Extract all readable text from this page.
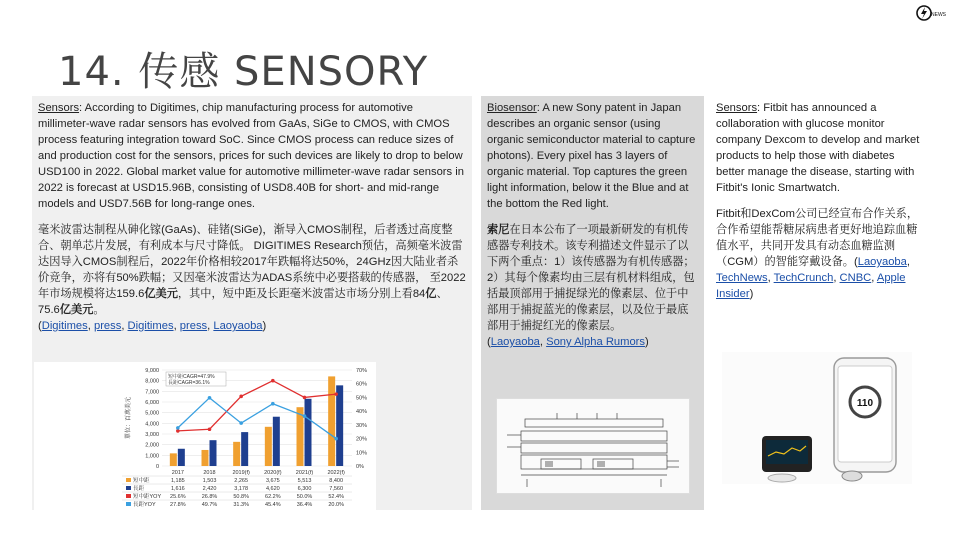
14. 传感 SENSORY
NEWS

Sensors: According to Digitimes, chip manufacturing process for automotive millimeter-wave radar sensors has evolved from GaAs, SiGe to CMOS, with CMOS process featuring integration toward SoC. Since CMOS process can reduce sizes of and production cost for the sensors, prices for such devices are likely to drop to below USD100 in 2022. Global market value for automotive millimeter-wave radar sensors in 2022 is forecast at USD15.96B, consisting of USD8.40B for short- and mid-range models and USD7.56B for long-range ones.

毫米波雷达制程从砷化镓(GaAs)、硅锗(SiGe)，渐导入CMOS制程，后者透过高度整合、朝单芯片发展，有利成本与尺寸降低。 DIGITIMES Research预估，高频毫米波雷达因导入CMOS制程后，2022年价格相较2017年跌幅将达50%，24GHz因大陆业者杀价竞争，亦将有50%跌幅；又因毫米波雷达为ADAS系统中必要搭载的传感器， 至2022年市场规模将达159.6亿美元，其中，短中距及长距毫米波雷达市场分别上看84亿、75.6亿美元。

(Digitimes, press, Digitimes, press, Laoyaoba)

Biosensor: A new Sony patent in Japan describes an organic sensor (using organic semiconductor material to capture photons). Every pixel has 3 layers of organic material. Top captures the green light information, below it the Blue and at the bottom the Red light.

索尼在日本公布了一项最新研发的有机传感器专利技术。该专利描述文件显示了以下两个重点：1）该传感器为有机传感器；2）其每个像素均由三层有机材料组成，包括最顶部用于捕捉绿光的像素层、位于中部用于捕捉蓝光的像素层，以及位于最底部用于捕捉红光的像素层。

(Laoyaoba, Sony Alpha Rumors)

Sensors: Fitbit has announced a collaboration with glucose monitor company Dexcom to develop and market products to help those with diabetes better manage the disease, starting with Fitbit's Ionic Smartwatch.

Fitbit和DexCom公司已经宣布合作关系，合作希望能帮糖尿病患者更好地追踪血糖值水平，共同开发具有动态血糖监测（CGM）的智能穿戴设备。(Laoyaoba, TechNews, TechCrunch, CNBC, Apple Insider)

單位：百萬美元
9,000
8,000
7,000
6,000
5,000
4,000
3,000
2,000
1,000
0
70%
60%
50%
40%
30%
20%
10%
0%
短中距CAGR=47.9%
長距CAGR=36.1%
2017	2018	2019(f)	2020(f)	2021(f)	2022(f)
短中距	1,185	1,503	2,265	3,675	5,513	8,400
長距	1,616	2,420	3,178	4,620	6,300	7,560
短中距YOY 25.6%	26.8%	50.8%	62.2%	50.0%	52.4%
長距YOY	27.8%	49.7%	31.3%	45.4%	36.4%	20.0%
110
